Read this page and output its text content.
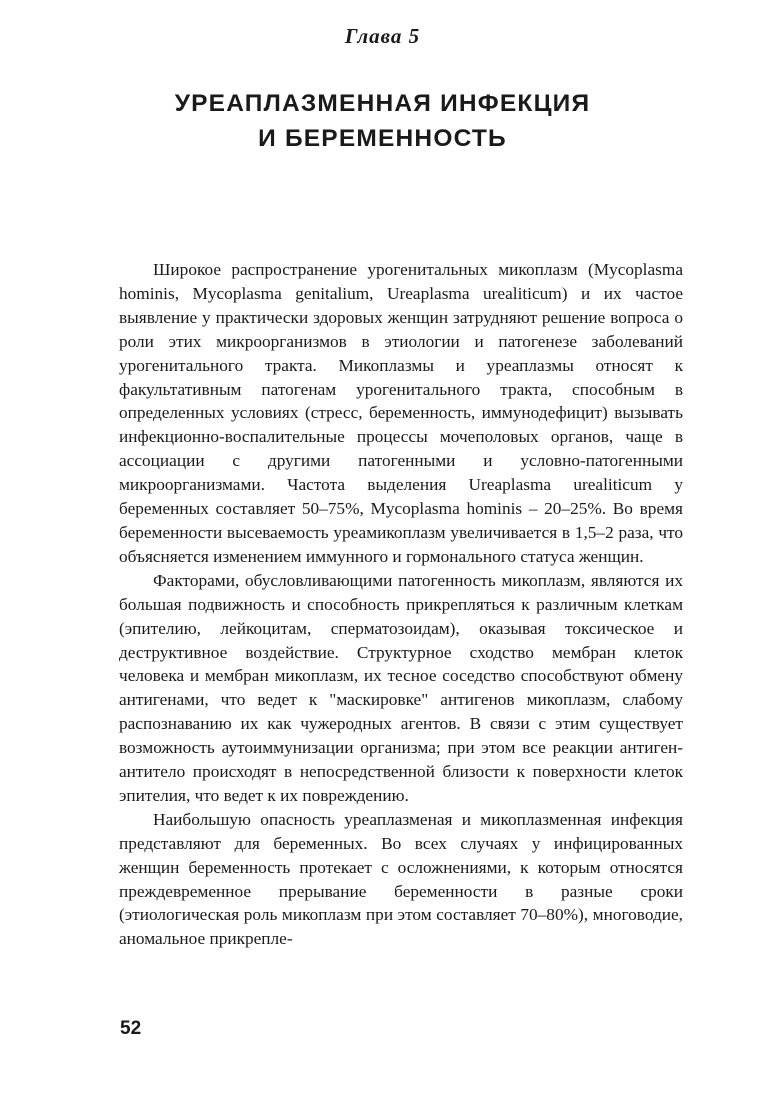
Глава 5
УРЕАПЛАЗМЕННАЯ ИНФЕКЦИЯ
И БЕРЕМЕННОСТЬ

Широкое распространение урогенитальных микоплазм (Mycoplasma hominis, Mycoplasma genitalium, Ureaplasma urealiticum) и их частое выявление у практически здоровых женщин затрудняют решение вопроса о роли этих микроорганизмов в этиологии и патогенезе заболеваний урогенитального тракта. Микоплазмы и уреаплазмы относят к факультативным патогенам урогенитального тракта, способным в определенных условиях (стресс, беременность, иммунодефицит) вызывать инфекционно-воспалительные процессы мочеполовых органов, чаще в ассоциации с другими патогенными и условно-патогенными микроорганизмами. Частота выделения Ureaplasma urealiticum у беременных составляет 50–75%, Mycoplasma hominis – 20–25%. Во время беременности высеваемость уреамикоплазм увеличивается в 1,5–2 раза, что объясняется изменением иммунного и гормонального статуса женщин.

Факторами, обусловливающими патогенность микоплазм, являются их большая подвижность и способность прикрепляться к различным клеткам (эпителию, лейкоцитам, сперматозоидам), оказывая токсическое и деструктивное воздействие. Структурное сходство мембран клеток человека и мембран микоплазм, их тесное соседство способствуют обмену антигенами, что ведет к "маскировке" антигенов микоплазм, слабому распознаванию их как чужеродных агентов. В связи с этим существует возможность аутоиммунизации организма; при этом все реакции антиген-антитело происходят в непосредственной близости к поверхности клеток эпителия, что ведет к их повреждению.

Наибольшую опасность уреаплазменая и микоплазменная инфекция представляют для беременных. Во всех случаях у инфицированных женщин беременность протекает с осложнениями, к которым относятся преждевременное прерывание беременности в разные сроки (этиологическая роль микоплазм при этом составляет 70–80%), многоводие, аномальное прикрепле-

52
